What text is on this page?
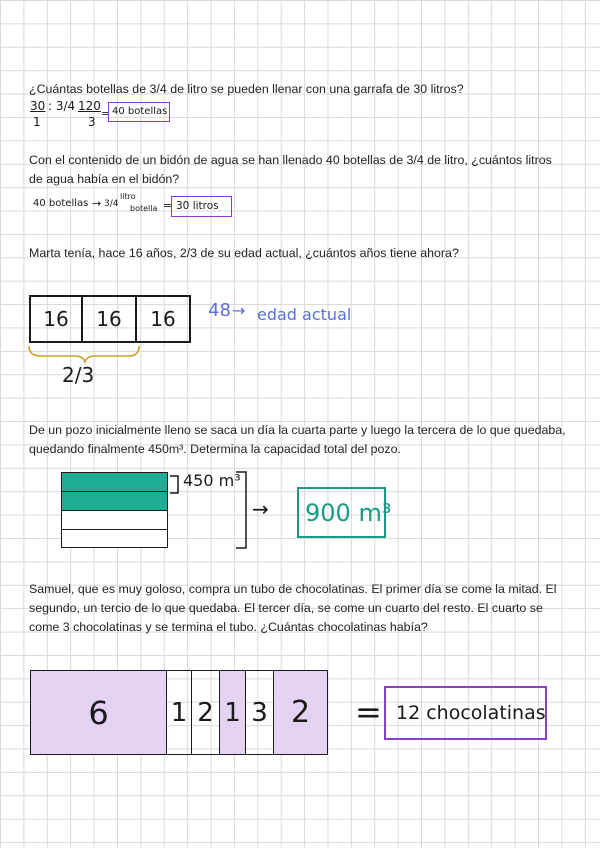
¿Cuántas botellas de 3/4 de litro se pueden llenar con una garrafa de 30 litros?
30
1
: 3/4 120
3
= 40 botellas
Con el contenido de un bidón de agua se han llenado 40 botellas de 3/4 de litro, ¿cuántos litros de agua había en el bidón?
40 botellas → 3/4
litro
botella = 30 litros
Marta tenía, hace 16 años, 2/3 de su edad actual, ¿cuántos años tiene ahora?
16	16	16
2/3
48 → edad actual
De un pozo inicialmente lleno se saca un día la cuarta parte y luego la tercera de lo que quedaba, quedando finalmente 450m³. Determina la capacidad total del pozo.
450 m³
→ 900 m³
Samuel, que es muy goloso, compra un tubo de chocolatinas. El primer día se come la mitad. El segundo, un tercio de lo que quedaba. El tercer día, se come un cuarto del resto. El cuarto se come 3 chocolatinas y se termina el tubo. ¿Cuántas chocolatinas había?
6	1 2 1 3 2	= 12 chocolatinas
